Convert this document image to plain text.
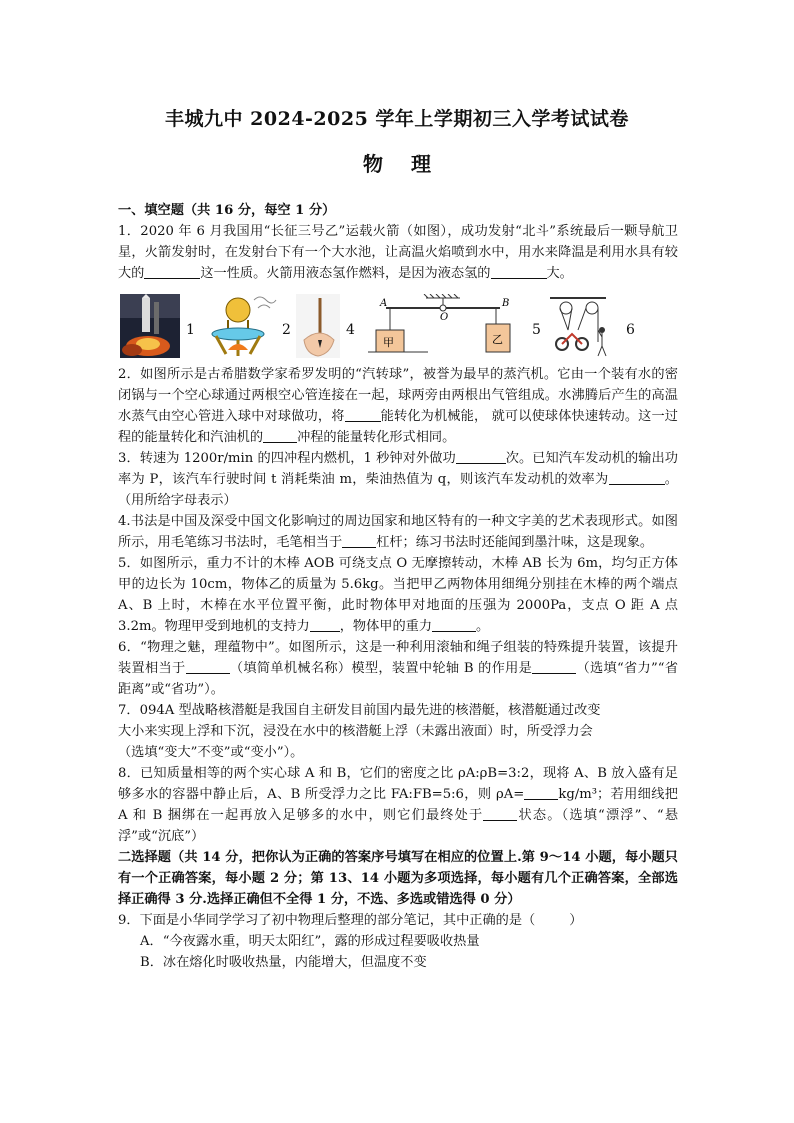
丰城九中 2024-2025 学年上学期初三入学考试试卷
物理

一、填空题（共 16 分，每空 1 分）

1．2020 年 6 月我国用“长征三号乙”运载火箭（如图），成功发射“北斗”系统最后一颗导航卫星，火箭发射时，在发射台下有一个大水池，让高温火焰喷到水中，用水来降温是利用水具有较大的	这一性质。火箭用液态氢作燃料，是因为液态氢的	大。

1	2	4
A
O
B
甲	乙
5	6

2．如图所示是古希腊数学家希罗发明的“汽转球”，被誉为最早的蒸汽机。它由一个装有水的密闭锅与一个空心球通过两根空心管连接在一起，球两旁由两根出气管组成。水沸腾后产生的高温水蒸气由空心管进入球中对球做功，将	能转化为机械能， 就可以使球体快速转动。这一过程的能量转化和汽油机的	冲程的能量转化形式相同。

3．转速为 1200r/min 的四冲程内燃机，1 秒钟对外做功	次。已知汽车发动机的输出功率为 P，该汽车行驶时间 t 消耗柴油 m，柴油热值为 q，则该汽车发动机的效率为	。（用所给字母表示）

4.书法是中国及深受中国文化影响过的周边国家和地区特有的一种文字美的艺术表现形式。如图所示，用毛笔练习书法时，毛笔相当于	杠杆；练习书法时还能闻到墨汁味，这是现象。

5．如图所示，重力不计的木棒 AOB 可绕支点 O 无摩擦转动，木棒 AB 长为 6m，均匀正方体甲的边长为 10cm，物体乙的质量为 5.6kg。当把甲乙两物体用细绳分别挂在木棒的两个端点 A、B 上时，木棒在水平位置平衡，此时物体甲对地面的压强为 2000Pa，支点 O 距 A 点 3.2m。物理甲受到地机的支持力 ，物体甲的重力	。

6．“物理之魅，理蕴物中”。如图所示，这是一种利用滚轴和绳子组装的特殊提升装置，该提升装置相当于	（填简单机械名称）模型，装置中轮轴 B 的作用是	（选填“省力”“省距离”或“省功”）。

7．094A 型战略核潜艇是我国自主研发目前国内最先进的核潜艇，核潜艇通过改变
大小来实现上浮和下沉，浸没在水中的核潜艇上浮（未露出液面）时，所受浮力会
（选填“变大”不变”或“变小”）。

8．已知质量相等的两个实心球 A 和 B，它们的密度之比 ρA:ρB=3:2，现将 A、B 放入盛有足够多水的容器中静止后，A、B 所受浮力之比 FA:FB=5:6，则 ρA=	kg/m³；若用细线把 A 和 B 捆绑在一起再放入足够多的水中，则它们最终处于	状态。（选填“漂浮”、“悬浮”或“沉底”）

二选择题（共 14 分，把你认为正确的答案序号填写在相应的位置上.第 9～14 小题，每小题只有一个正确答案，每小题 2 分；第 13、14 小题为多项选择，每小题有几个正确答案，全部选择正确得 3 分.选择正确但不全得 1 分，不选、多选或错选得 0 分）

9．下面是小华同学学习了初中物理后整理的部分笔记，其中正确的是（	）

A．“今夜露水重，明天太阳红”，露的形成过程要吸收热量

B．冰在熔化时吸收热量，内能增大，但温度不变
